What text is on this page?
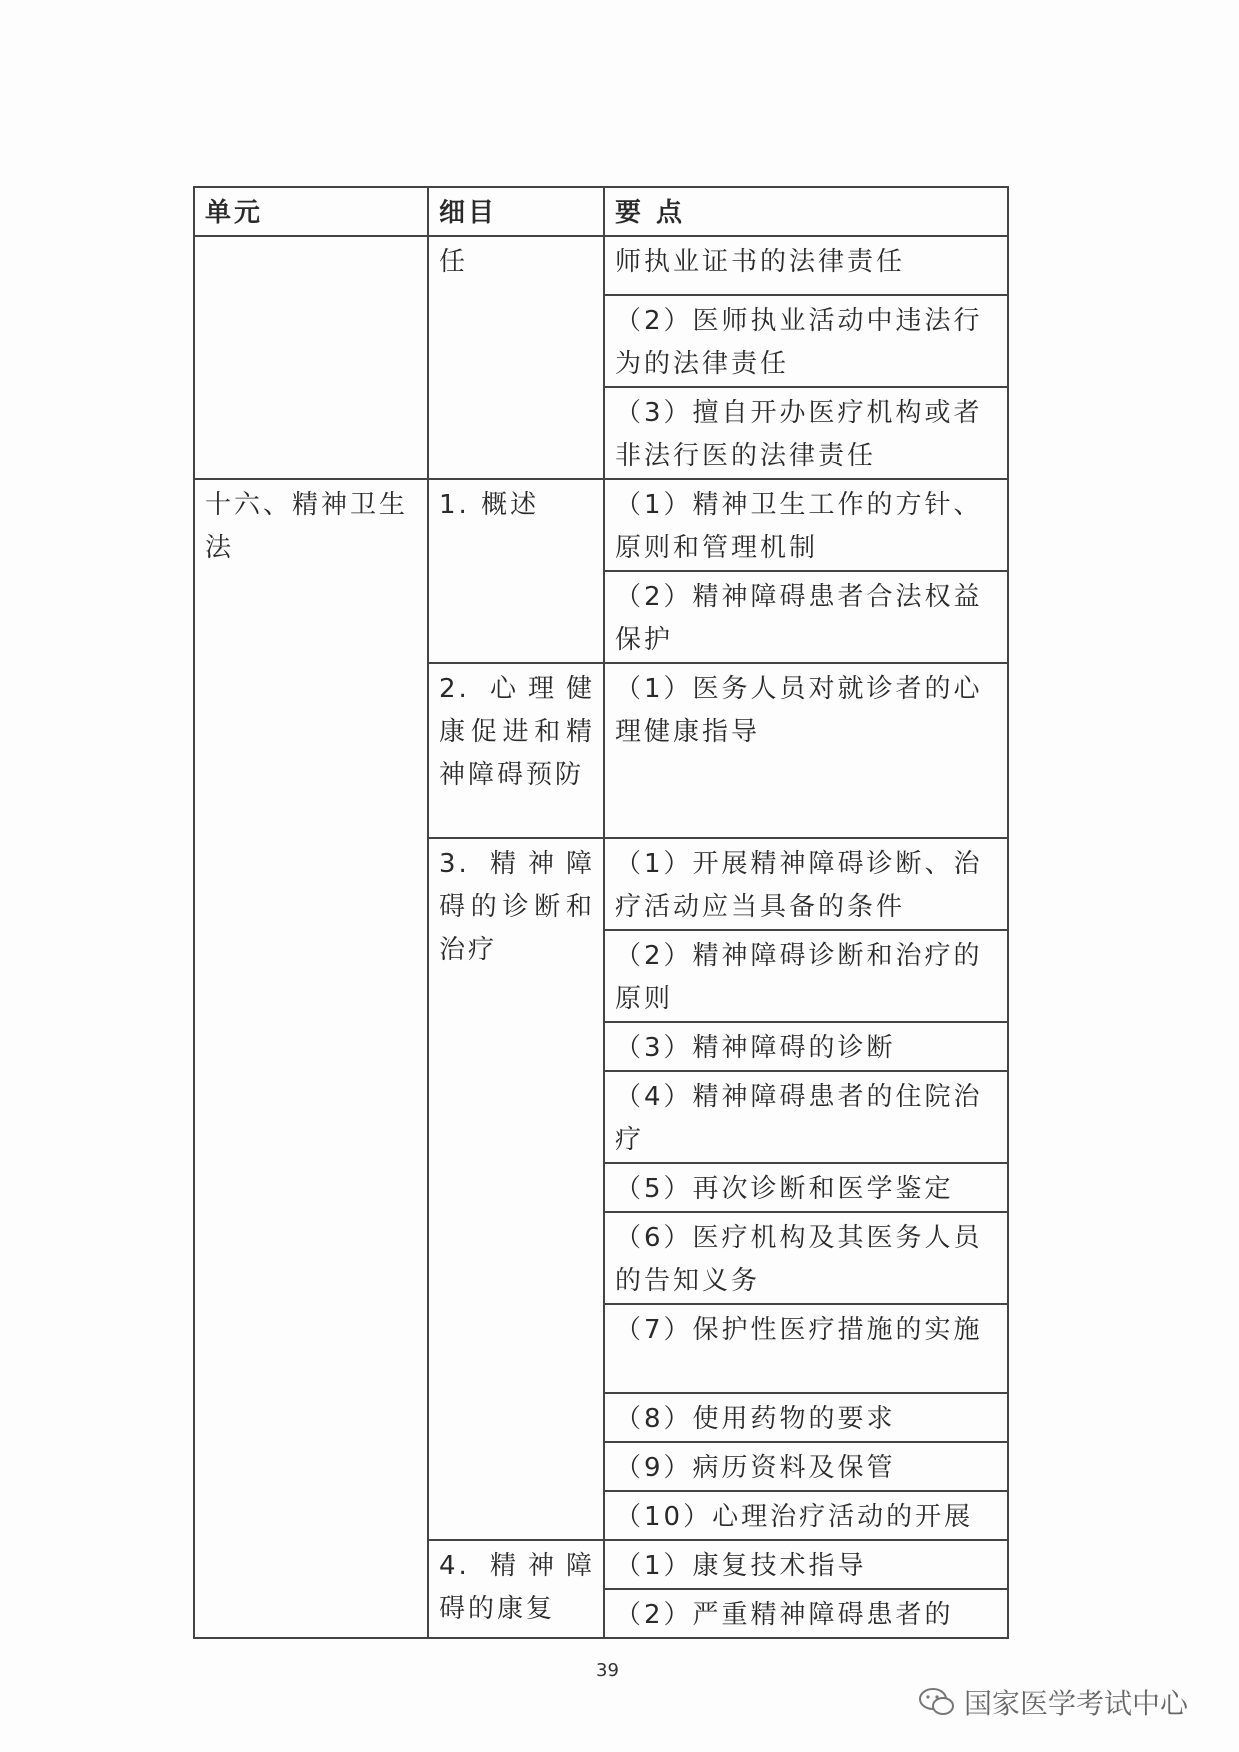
单元	细目	要 点
	任	师执业证书的法律责任
		（2）医师执业活动中违法行为的法律责任
		（3）擅自开办医疗机构或者非法行医的法律责任
十六、精神卫生法	1. 概述	（1）精神卫生工作的方针、原则和管理机制
		（2）精神障碍患者合法权益保护
	2. 心理健康促进和精神障碍预防	（1）医务人员对就诊者的心理健康指导
	3. 精神障碍的诊断和治疗	（1）开展精神障碍诊断、治疗活动应当具备的条件
		（2）精神障碍诊断和治疗的原则
		（3）精神障碍的诊断
		（4）精神障碍患者的住院治疗
		（5）再次诊断和医学鉴定
		（6）医疗机构及其医务人员的告知义务
		（7）保护性医疗措施的实施
		（8）使用药物的要求
		（9）病历资料及保管
		（10）心理治疗活动的开展
	4. 精神障碍的康复	（1）康复技术指导
		（2）严重精神障碍患者的
39
国家医学考试中心
